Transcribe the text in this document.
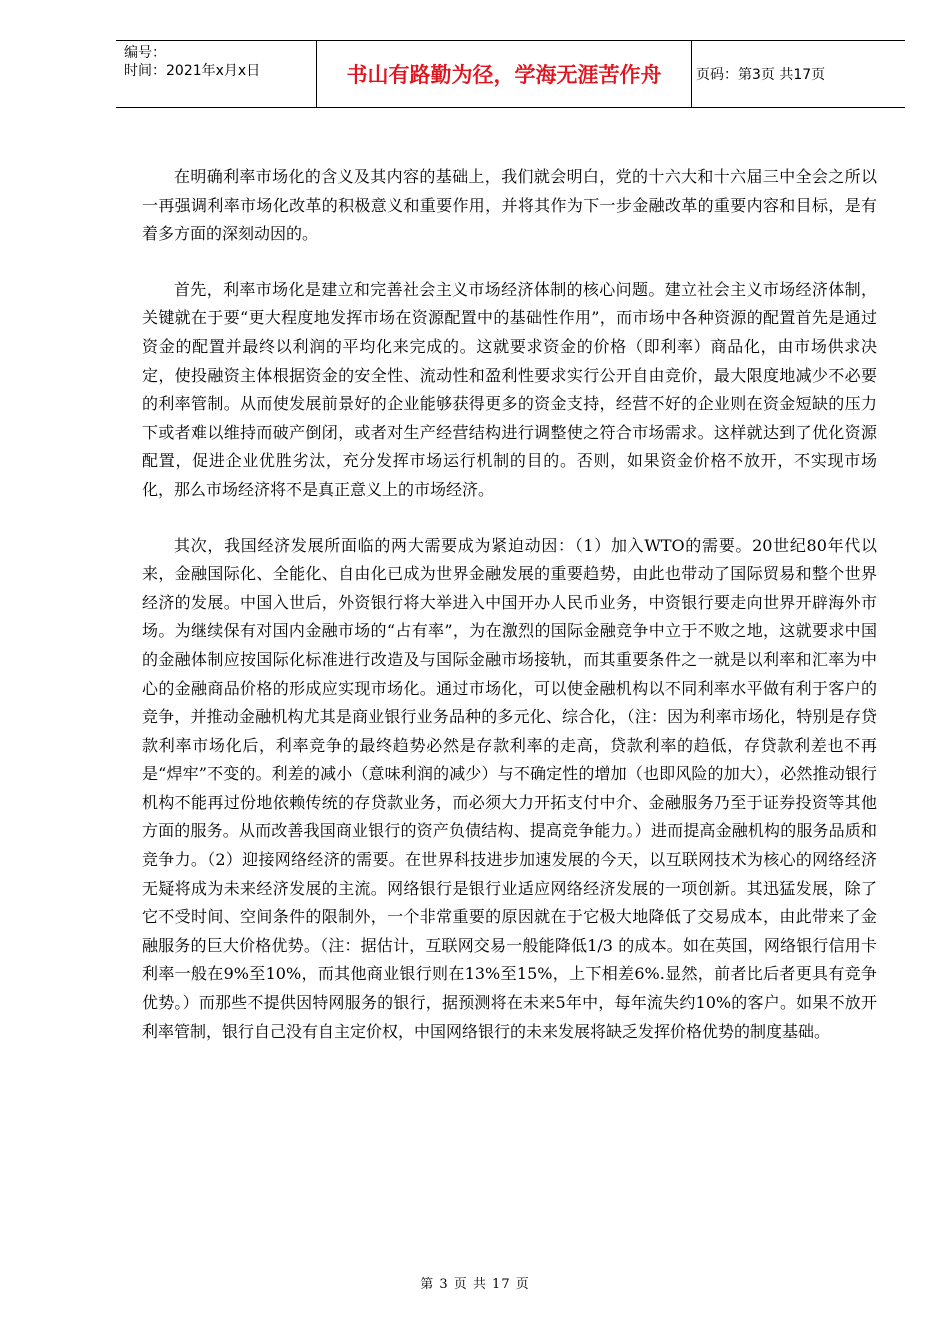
编号：
时间：2021年x月x日	书山有路勤为径，学海无涯苦作舟	页码：第3页 共17页

在明确利率市场化的含义及其内容的基础上，我们就会明白，党的十六大和十六届三中全会之所以一再强调利率市场化改革的积极意义和重要作用，并将其作为下一步金融改革的重要内容和目标，是有着多方面的深刻动因的。

首先，利率市场化是建立和完善社会主义市场经济体制的核心问题。建立社会主义市场经济体制，关键就在于要“更大程度地发挥市场在资源配置中的基础性作用”，而市场中各种资源的配置首先是通过资金的配置并最终以利润的平均化来完成的。这就要求资金的价格（即利率）商品化，由市场供求决定，使投融资主体根据资金的安全性、流动性和盈利性要求实行公开自由竞价，最大限度地减少不必要的利率管制。从而使发展前景好的企业能够获得更多的资金支持，经营不好的企业则在资金短缺的压力下或者难以维持而破产倒闭，或者对生产经营结构进行调整使之符合市场需求。这样就达到了优化资源配置，促进企业优胜劣汰，充分发挥市场运行机制的目的。否则，如果资金价格不放开，不实现市场化，那么市场经济将不是真正意义上的市场经济。

其次，我国经济发展所面临的两大需要成为紧迫动因：（1）加入WTO的需要。20世纪80年代以来，金融国际化、全能化、自由化已成为世界金融发展的重要趋势，由此也带动了国际贸易和整个世界经济的发展。中国入世后，外资银行将大举进入中国开办人民币业务，中资银行要走向世界开辟海外市场。为继续保有对国内金融市场的“占有率”，为在激烈的国际金融竞争中立于不败之地，这就要求中国的金融体制应按国际化标准进行改造及与国际金融市场接轨，而其重要条件之一就是以利率和汇率为中心的金融商品价格的形成应实现市场化。通过市场化，可以使金融机构以不同利率水平做有利于客户的竞争，并推动金融机构尤其是商业银行业务品种的多元化、综合化，（注：因为利率市场化，特别是存贷款利率市场化后，利率竞争的最终趋势必然是存款利率的走高，贷款利率的趋低，存贷款利差也不再是“焊牢”不变的。利差的减小（意味利润的减少）与不确定性的增加（也即风险的加大），必然推动银行机构不能再过份地依赖传统的存贷款业务，而必须大力开拓支付中介、金融服务乃至于证券投资等其他方面的服务。从而改善我国商业银行的资产负债结构、提高竞争能力。）进而提高金融机构的服务品质和竞争力。（2）迎接网络经济的需要。在世界科技进步加速发展的今天，以互联网技术为核心的网络经济无疑将成为未来经济发展的主流。网络银行是银行业适应网络经济发展的一项创新。其迅猛发展，除了它不受时间、空间条件的限制外，一个非常重要的原因就在于它极大地降低了交易成本，由此带来了金融服务的巨大价格优势。（注：据估计，互联网交易一般能降低1/3 的成本。如在英国，网络银行信用卡利率一般在9%至10%，而其他商业银行则在13%至15%，上下相差6%.显然，前者比后者更具有竞争优势。）而那些不提供因特网服务的银行，据预测将在未来5年中，每年流失约10%的客户。如果不放开利率管制，银行自己没有自主定价权，中国网络银行的未来发展将缺乏发挥价格优势的制度基础。

第 3 页 共 17 页
